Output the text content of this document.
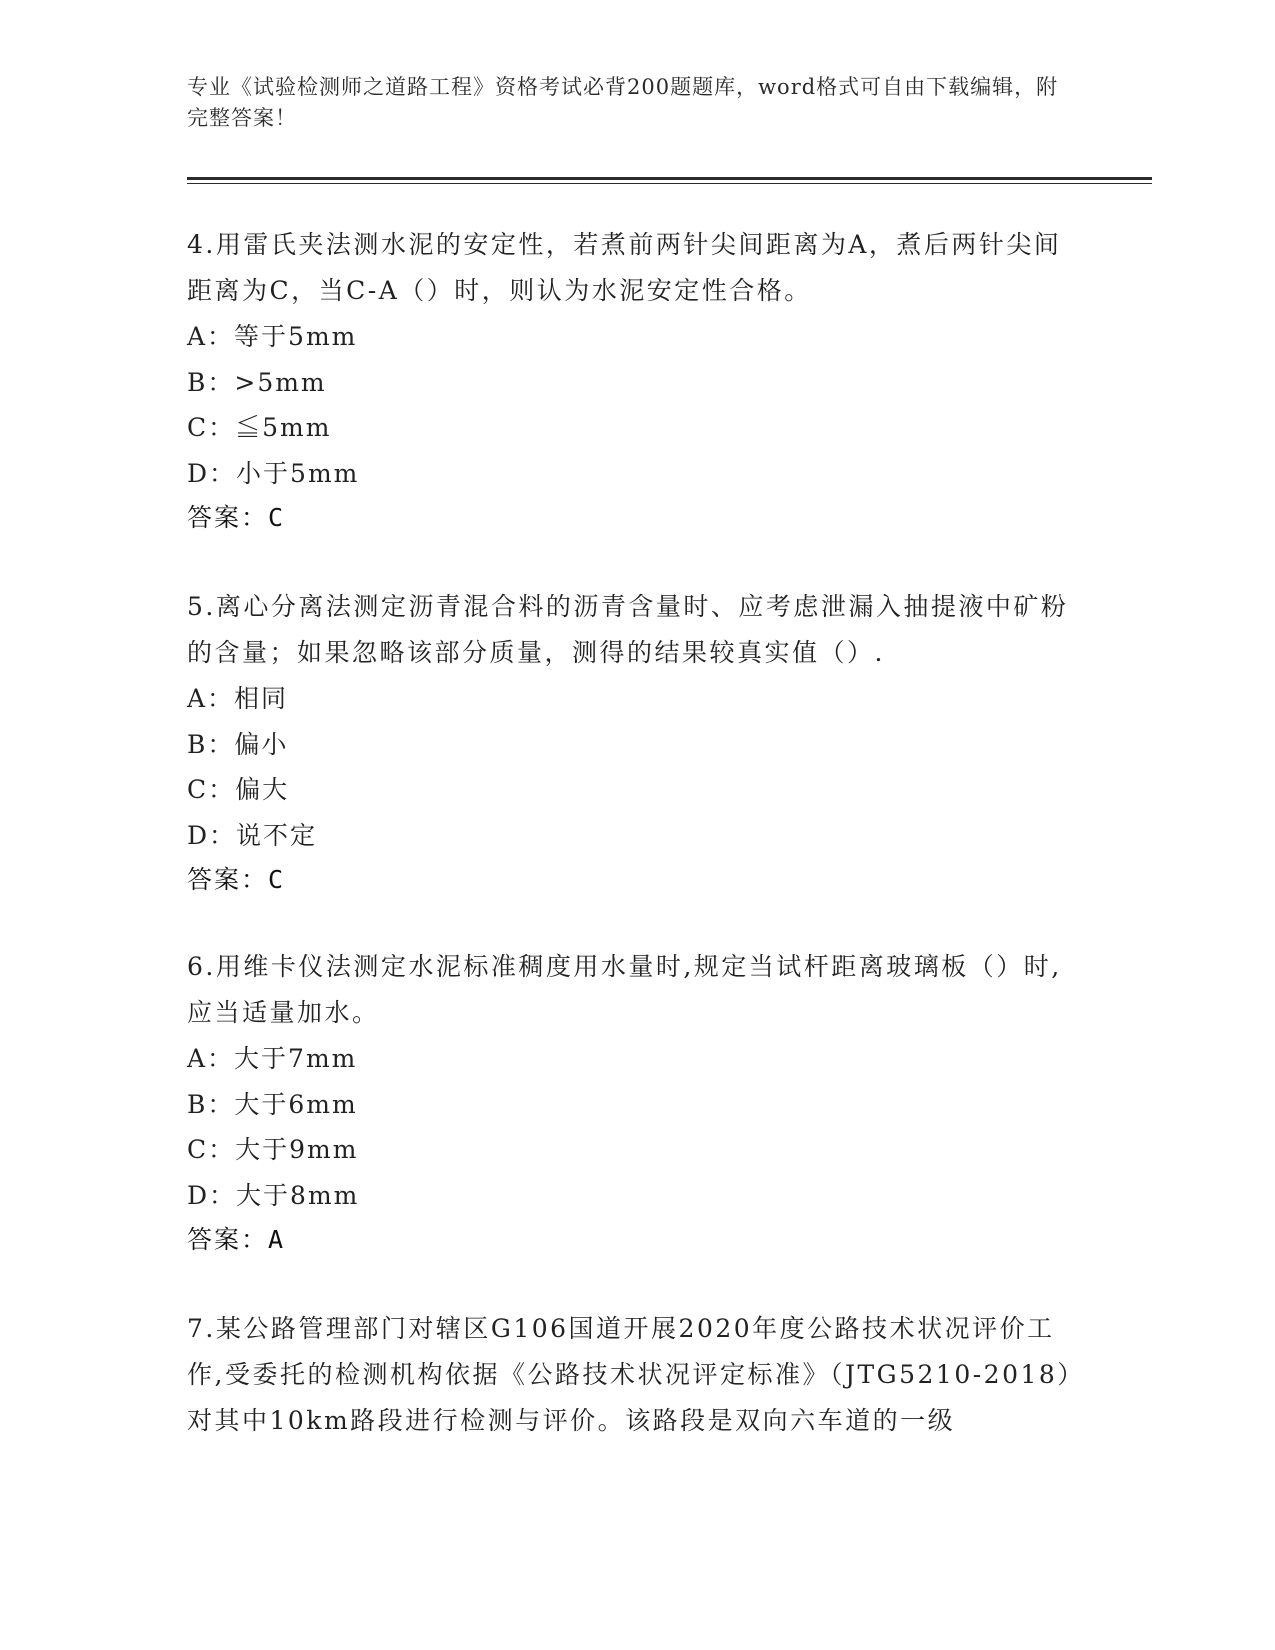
专业《试验检测师之道路工程》资格考试必背200题题库，word格式可自由下载编辑，附完整答案！

4.用雷氏夹法测水泥的安定性，若煮前两针尖间距离为A，煮后两针尖间距离为C，当C-A（）时，则认为水泥安定性合格。

A：等于5mm

B：>5mm

C：≦5mm

D：小于5mm

答案：C

5.离心分离法测定沥青混合料的沥青含量时、应考虑泄漏入抽提液中矿粉的含量；如果忽略该部分质量，测得的结果较真实值（）.

A：相同

B：偏小

C：偏大

D：说不定

答案：C

6.用维卡仪法测定水泥标准稠度用水量时,规定当试杆距离玻璃板（）时,应当适量加水。

A：大于7mm

B：大于6mm

C：大于9mm

D：大于8mm

答案：A

7.某公路管理部门对辖区G106国道开展2020年度公路技术状况评价工作,受委托的检测机构依据《公路技术状况评定标准》（JTG5210-2018）对其中10km路段进行检测与评价。该路段是双向六车道的一级
